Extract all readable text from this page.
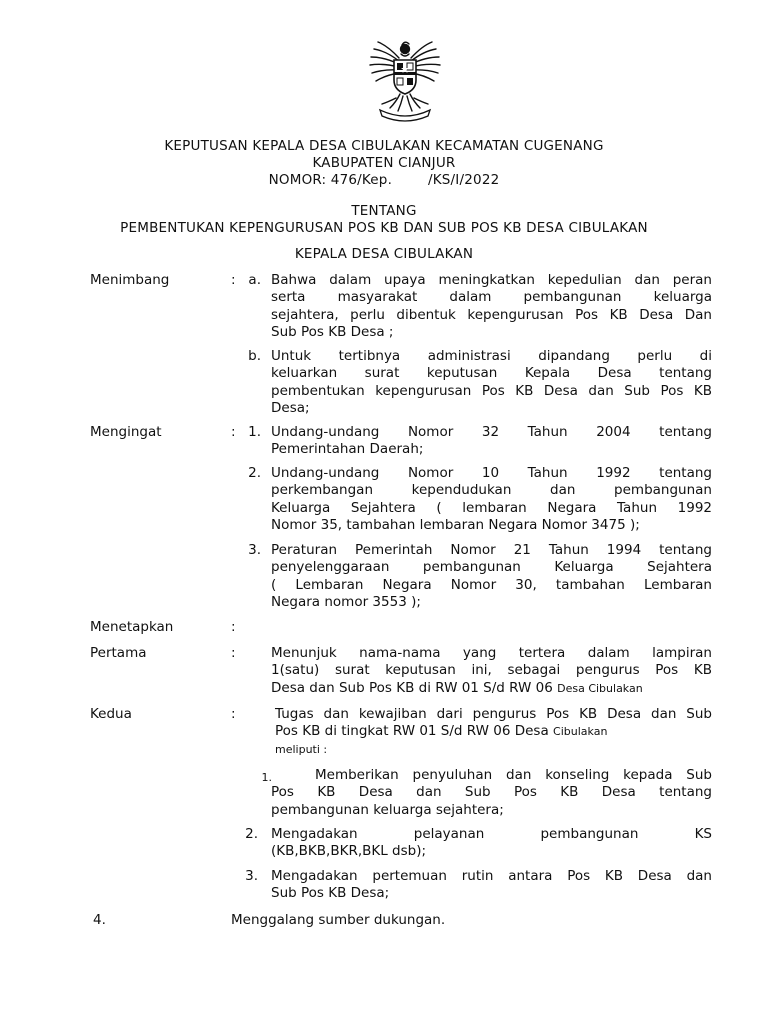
KEPUTUSAN KEPALA DESA CIBULAKAN KECAMATAN CUGENANG
KABUPATEN CIANJUR
NOMOR: 476/Kep.        /KS/I/2022
TENTANG
PEMBENTUKAN KEPENGURUSAN POS KB DAN SUB POS KB DESA CIBULAKAN
KEPALA DESA CIBULAKAN
Menimbang	: a. Bahwa dalam upaya meningkatkan kepedulian dan peran
serta masyarakat dalam pembangunan keluarga
sejahtera, perlu dibentuk kepengurusan Pos KB Desa Dan
Sub Pos KB Desa ;
b. Untuk tertibnya administrasi dipandang perlu di
keluarkan surat keputusan Kepala Desa tentang
pembentukan kepengurusan Pos KB Desa dan Sub Pos KB
Desa;
Mengingat	: 1. Undang-undang Nomor 32 Tahun 2004 tentang
Pemerintahan Daerah;
2. Undang-undang Nomor 10 Tahun 1992 tentang
perkembangan kependudukan dan pembangunan
Keluarga Sejahtera ( lembaran Negara Tahun 1992
Nomor 35, tambahan lembaran Negara Nomor 3475 );
3. Peraturan Pemerintah Nomor 21 Tahun 1994 tentang
penyelenggaraan pembangunan Keluarga Sejahtera
( Lembaran Negara Nomor 30, tambahan Lembaran
Negara nomor 3553 );
Menetapkan	:
Pertama	:	Menunjuk nama-nama yang tertera dalam lampiran
1(satu) surat keputusan ini, sebagai pengurus Pos KB
Desa dan Sub Pos KB di RW 01 S/d RW 06 Desa Cibulakan
Kedua	:	Tugas dan kewajiban dari pengurus Pos KB Desa dan Sub
Pos KB di tingkat RW 01 S/d RW 06 Desa Cibulakan
meliputi :
1.	Memberikan penyuluhan dan konseling kepada Sub
Pos KB Desa dan Sub Pos KB Desa tentang
pembangunan keluarga sejahtera;
2. Mengadakan pelayanan pembangunan KS
(KB,BKB,BKR,BKL dsb);
3. Mengadakan pertemuan rutin antara Pos KB Desa dan
Sub Pos KB Desa;
4.	Menggalang sumber dukungan.
